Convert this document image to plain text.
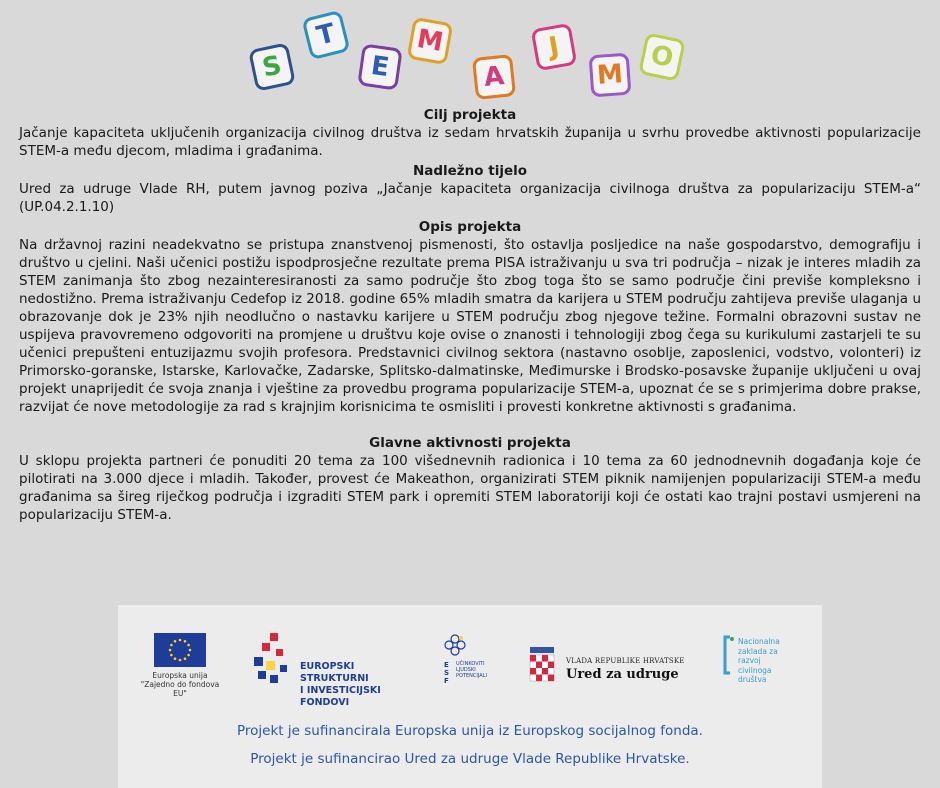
S
T
E
M
A
J
M
O

Cilj projekta

Jačanje kapaciteta uključenih organizacija civilnog društva iz sedam hrvatskih županija u svrhu provedbe aktivnosti popularizacije STEM-a među djecom, mladima i građanima.

Nadležno tijelo

Ured za udruge Vlade RH, putem javnog poziva „Jačanje kapaciteta organizacija civilnoga društva za popularizaciju STEM-a“ (UP.04.2.1.10)

Opis projekta

Na državnoj razini neadekvatno se pristupa znanstvenoj pismenosti, što ostavlja posljedice na naše gospodarstvo, demografiju i društvo u cjelini. Naši učenici postižu ispodprosječne rezultate prema PISA istraživanju u sva tri područja – nizak je interes mladih za STEM zanimanja što zbog nezainteresiranosti za samo područje što zbog toga što se samo područje čini previše kompleksno i nedostižno. Prema istraživanju Cedefop iz 2018. godine 65% mladih smatra da karijera u STEM području zahtijeva previše ulaganja u obrazovanje dok je 23% njih neodlučno o nastavku karijere u STEM području zbog njegove težine. Formalni obrazovni sustav ne uspijeva pravovremeno odgovoriti na promjene u društvu koje ovise o znanosti i tehnologiji zbog čega su kurikulumi zastarjeli te su učenici prepušteni entuzijazmu svojih profesora. Predstavnici civilnog sektora (nastavno osoblje, zaposlenici, vodstvo, volonteri) iz Primorsko-goranske, Istarske, Karlovačke, Zadarske, Splitsko-dalmatinske, Međimurske i Brodsko-posavske županije uključeni u ovaj projekt unaprijedit će svoja znanja i vještine za provedbu programa popularizacije STEM-a, upoznat će se s primjerima dobre prakse, razvijat će nove metodologije za rad s krajnjim korisnicima te osmisliti i provesti konkretne aktivnosti s građanima.

Glavne aktivnosti projekta

U sklopu projekta partneri će ponuditi 20 tema za 100 višednevnih radionica i 10 tema za 60 jednodnevnih događanja koje će pilotirati na 3.000 djece i mladih. Također, provest će Makeathon, organizirati STEM piknik namijenjen popularizaciji STEM-a među građanima sa šireg riječkog područja i izgraditi STEM park i opremiti STEM laboratoriji koji će ostati kao trajni postavi usmjereni na popularizaciju STEM-a.

Europska unija
"Zajedno do fondova EU"
EUROPSKI STRUKTURNI
I INVESTICIJSKI FONDOVI
ESF
UČINKOVITI
LJUDSKI
POTENCIJALI
VLADA REPUBLIKE HRVATSKE
Ured za udruge
Nacionalna
zaklada za
razvoj
civilnoga
društva
Projekt je sufinancirala Europska unija iz Europskog socijalnog fonda.
Projekt je sufinancirao Ured za udruge Vlade Republike Hrvatske.
